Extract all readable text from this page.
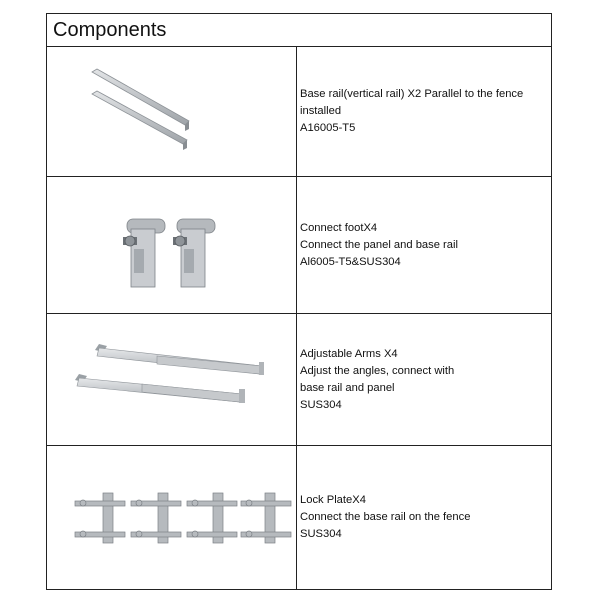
Components
Base rail(vertical rail) X2 Parallel to the fence
installed
A16005-T5
Connect footX4
Connect the panel and base rail
Al6005-T5&SUS304
Adjustable Arms X4
Adjust the angles, connect with
base rail and panel
SUS304
Lock PlateX4
Connect the base rail on the fence
SUS304
